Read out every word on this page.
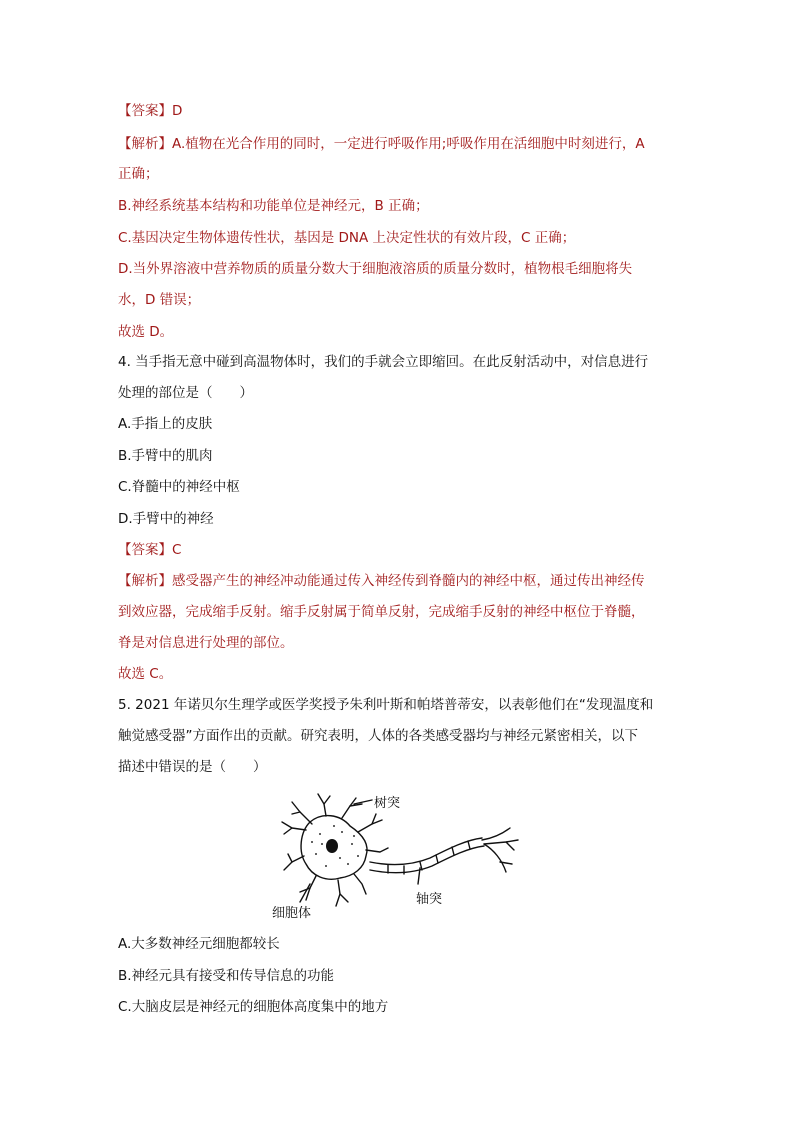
【答案】D
【解析】A.植物在光合作用的同时，一定进行呼吸作用;呼吸作用在活细胞中时刻进行，A
正确；
B.神经系统基本结构和功能单位是神经元，B 正确；
C.基因决定生物体遗传性状，基因是 DNA 上决定性状的有效片段，C 正确；
D.当外界溶液中营养物质的质量分数大于细胞液溶质的质量分数时，植物根毛细胞将失
水，D 错误；
故选 D。
4. 当手指无意中碰到高温物体时，我们的手就会立即缩回。在此反射活动中，对信息进行
处理的部位是（　　）
A.手指上的皮肤
B.手臂中的肌肉
C.脊髓中的神经中枢
D.手臂中的神经
【答案】C
【解析】感受器产生的神经冲动能通过传入神经传到脊髓内的神经中枢，通过传出神经传
到效应器，完成缩手反射。缩手反射属于简单反射，完成缩手反射的神经中枢位于脊髓，
脊是对信息进行处理的部位。
故选 C。
5. 2021 年诺贝尔生理学或医学奖授予朱利叶斯和帕塔普蒂安，以表彰他们在“发现温度和
触觉感受器”方面作出的贡献。研究表明，人体的各类感受器均与神经元紧密相关，以下
描述中错误的是（　　）
树突
轴突
细胞体
A.大多数神经元细胞都较长
B.神经元具有接受和传导信息的功能
C.大脑皮层是神经元的细胞体高度集中的地方
